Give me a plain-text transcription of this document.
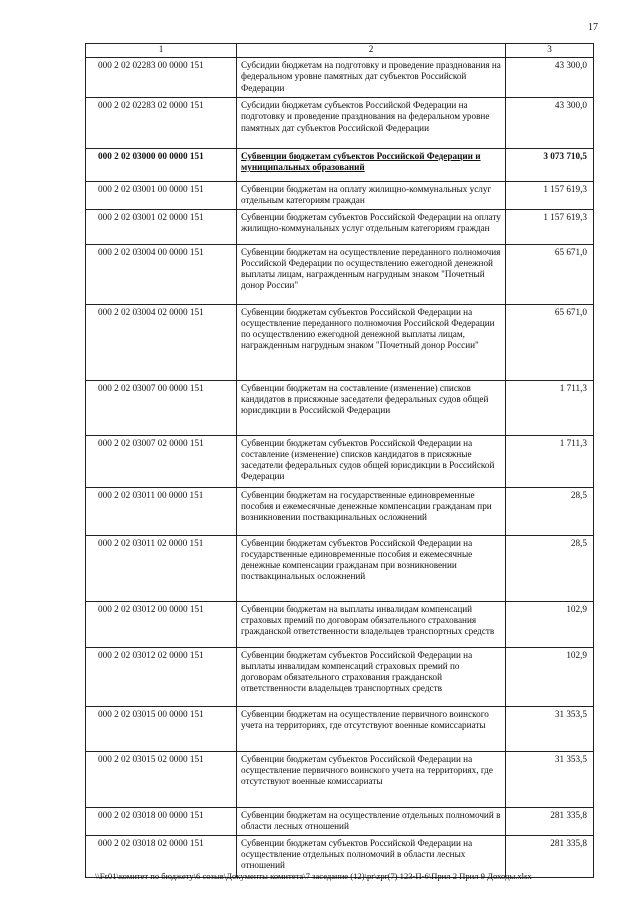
17
1	2	3
000 2 02 02283 00 0000 151	Субсидии бюджетам на подготовку и проведение празднования на федеральном уровне памятных дат субъектов Российской Федерации	43 300,0
000 2 02 02283 02 0000 151	Субсидии бюджетам субъектов Российской Федерации на подготовку и проведение празднования на федеральном уровне памятных дат субъектов Российской Федерации	43 300,0
000 2 02 03000 00 0000 151	Субвенции бюджетам субъектов Российской Федерации и муниципальных образований	3 073 710,5
000 2 02 03001 00 0000 151	Субвенции бюджетам на оплату жилищно-коммунальных услуг отдельным категориям граждан	1 157 619,3
000 2 02 03001 02 0000 151	Субвенции бюджетам субъектов Российской Федерации на оплату жилищно-коммунальных услуг отдельным категориям граждан	1 157 619,3
000 2 02 03004 00 0000 151	Субвенции бюджетам на осуществление переданного полномочия Российской Федерации по осуществлению ежегодной денежной выплаты лицам, награжденным нагрудным знаком "Почетный донор России"	65 671,0
000 2 02 03004 02 0000 151	Субвенции бюджетам субъектов Российской Федерации на осуществление переданного полномочия Российской Федерации по осуществлению ежегодной денежной выплаты лицам, награжденным нагрудным знаком "Почетный донор России"	65 671,0
000 2 02 03007 00 0000 151	Субвенции бюджетам на составление (изменение) списков кандидатов в присяжные заседатели федеральных судов общей юрисдикции в Российской Федерации	1 711,3
000 2 02 03007 02 0000 151	Субвенции бюджетам субъектов Российской Федерации на составление (изменение) списков кандидатов в присяжные заседатели федеральных судов общей юрисдикции в Российской Федерации	1 711,3
000 2 02 03011 00 0000 151	Субвенции бюджетам на государственные единовременные пособия и ежемесячные денежные компенсации гражданам при возникновении поствакцинальных осложнений	28,5
000 2 02 03011 02 0000 151	Субвенции бюджетам субъектов Российской Федерации на государственные единовременные пособия и ежемесячные денежные компенсации гражданам при возникновении поствакцинальных осложнений	28,5
000 2 02 03012 00 0000 151	Субвенции бюджетам на выплаты инвалидам компенсаций страховых премий по договорам обязательного страхования гражданской ответственности владельцев транспортных средств	102,9
000 2 02 03012 02 0000 151	Субвенции бюджетам субъектов Российской Федерации на выплаты инвалидам компенсаций страховых премий по договорам обязательного страхования гражданской ответственности владельцев транспортных средств	102,9
000 2 02 03015 00 0000 151	Субвенции бюджетам на осуществление первичного воинского учета на территориях, где отсутствуют военные комиссариаты	31 353,5
000 2 02 03015 02 0000 151	Субвенции бюджетам субъектов Российской Федерации на осуществление первичного воинского учета на территориях, где отсутствуют военные комиссариаты	31 353,5
000 2 02 03018 00 0000 151	Субвенции бюджетам на осуществление отдельных полномочий в области лесных отношений	281 335,8
000 2 02 03018 02 0000 151	Субвенции бюджетам субъектов Российской Федерации на осуществление отдельных полномочий в области лесных отношений	281 335,8
\\Fs01\комитет по бюджету\6 созыв\Документы комитета\7 заседание (12)\pr\zpr(7) 123-П-6\Прил 2 Прил 9 Доходы.xlsx
